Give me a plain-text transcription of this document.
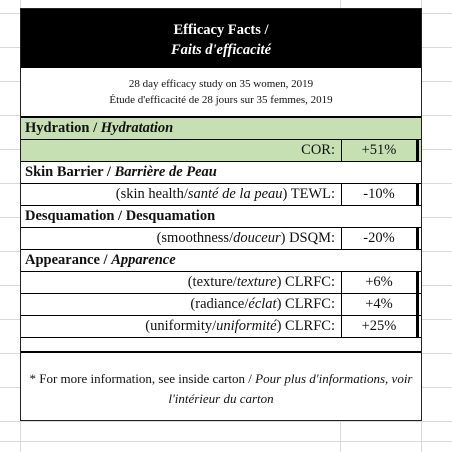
Efficacy Facts /
Faits d'efficacité
28 day efficacy study on 35 women, 2019
Étude d'efficacité de 28 jours sur 35 femmes, 2019
Hydration / Hydratation
COR:	+51%
Skin Barrier / Barrière de Peau
(skin health/santé de la peau) TEWL:	-10%
Desquamation / Desquamation
(smoothness/douceur) DSQM:	-20%
Appearance / Apparence
(texture/texture) CLRFC:	+6%
(radiance/éclat) CLRFC:	+4%
(uniformity/uniformité) CLRFC:	+25%
* For more information, see inside carton / Pour plus d'informations, voir l'intérieur du carton
